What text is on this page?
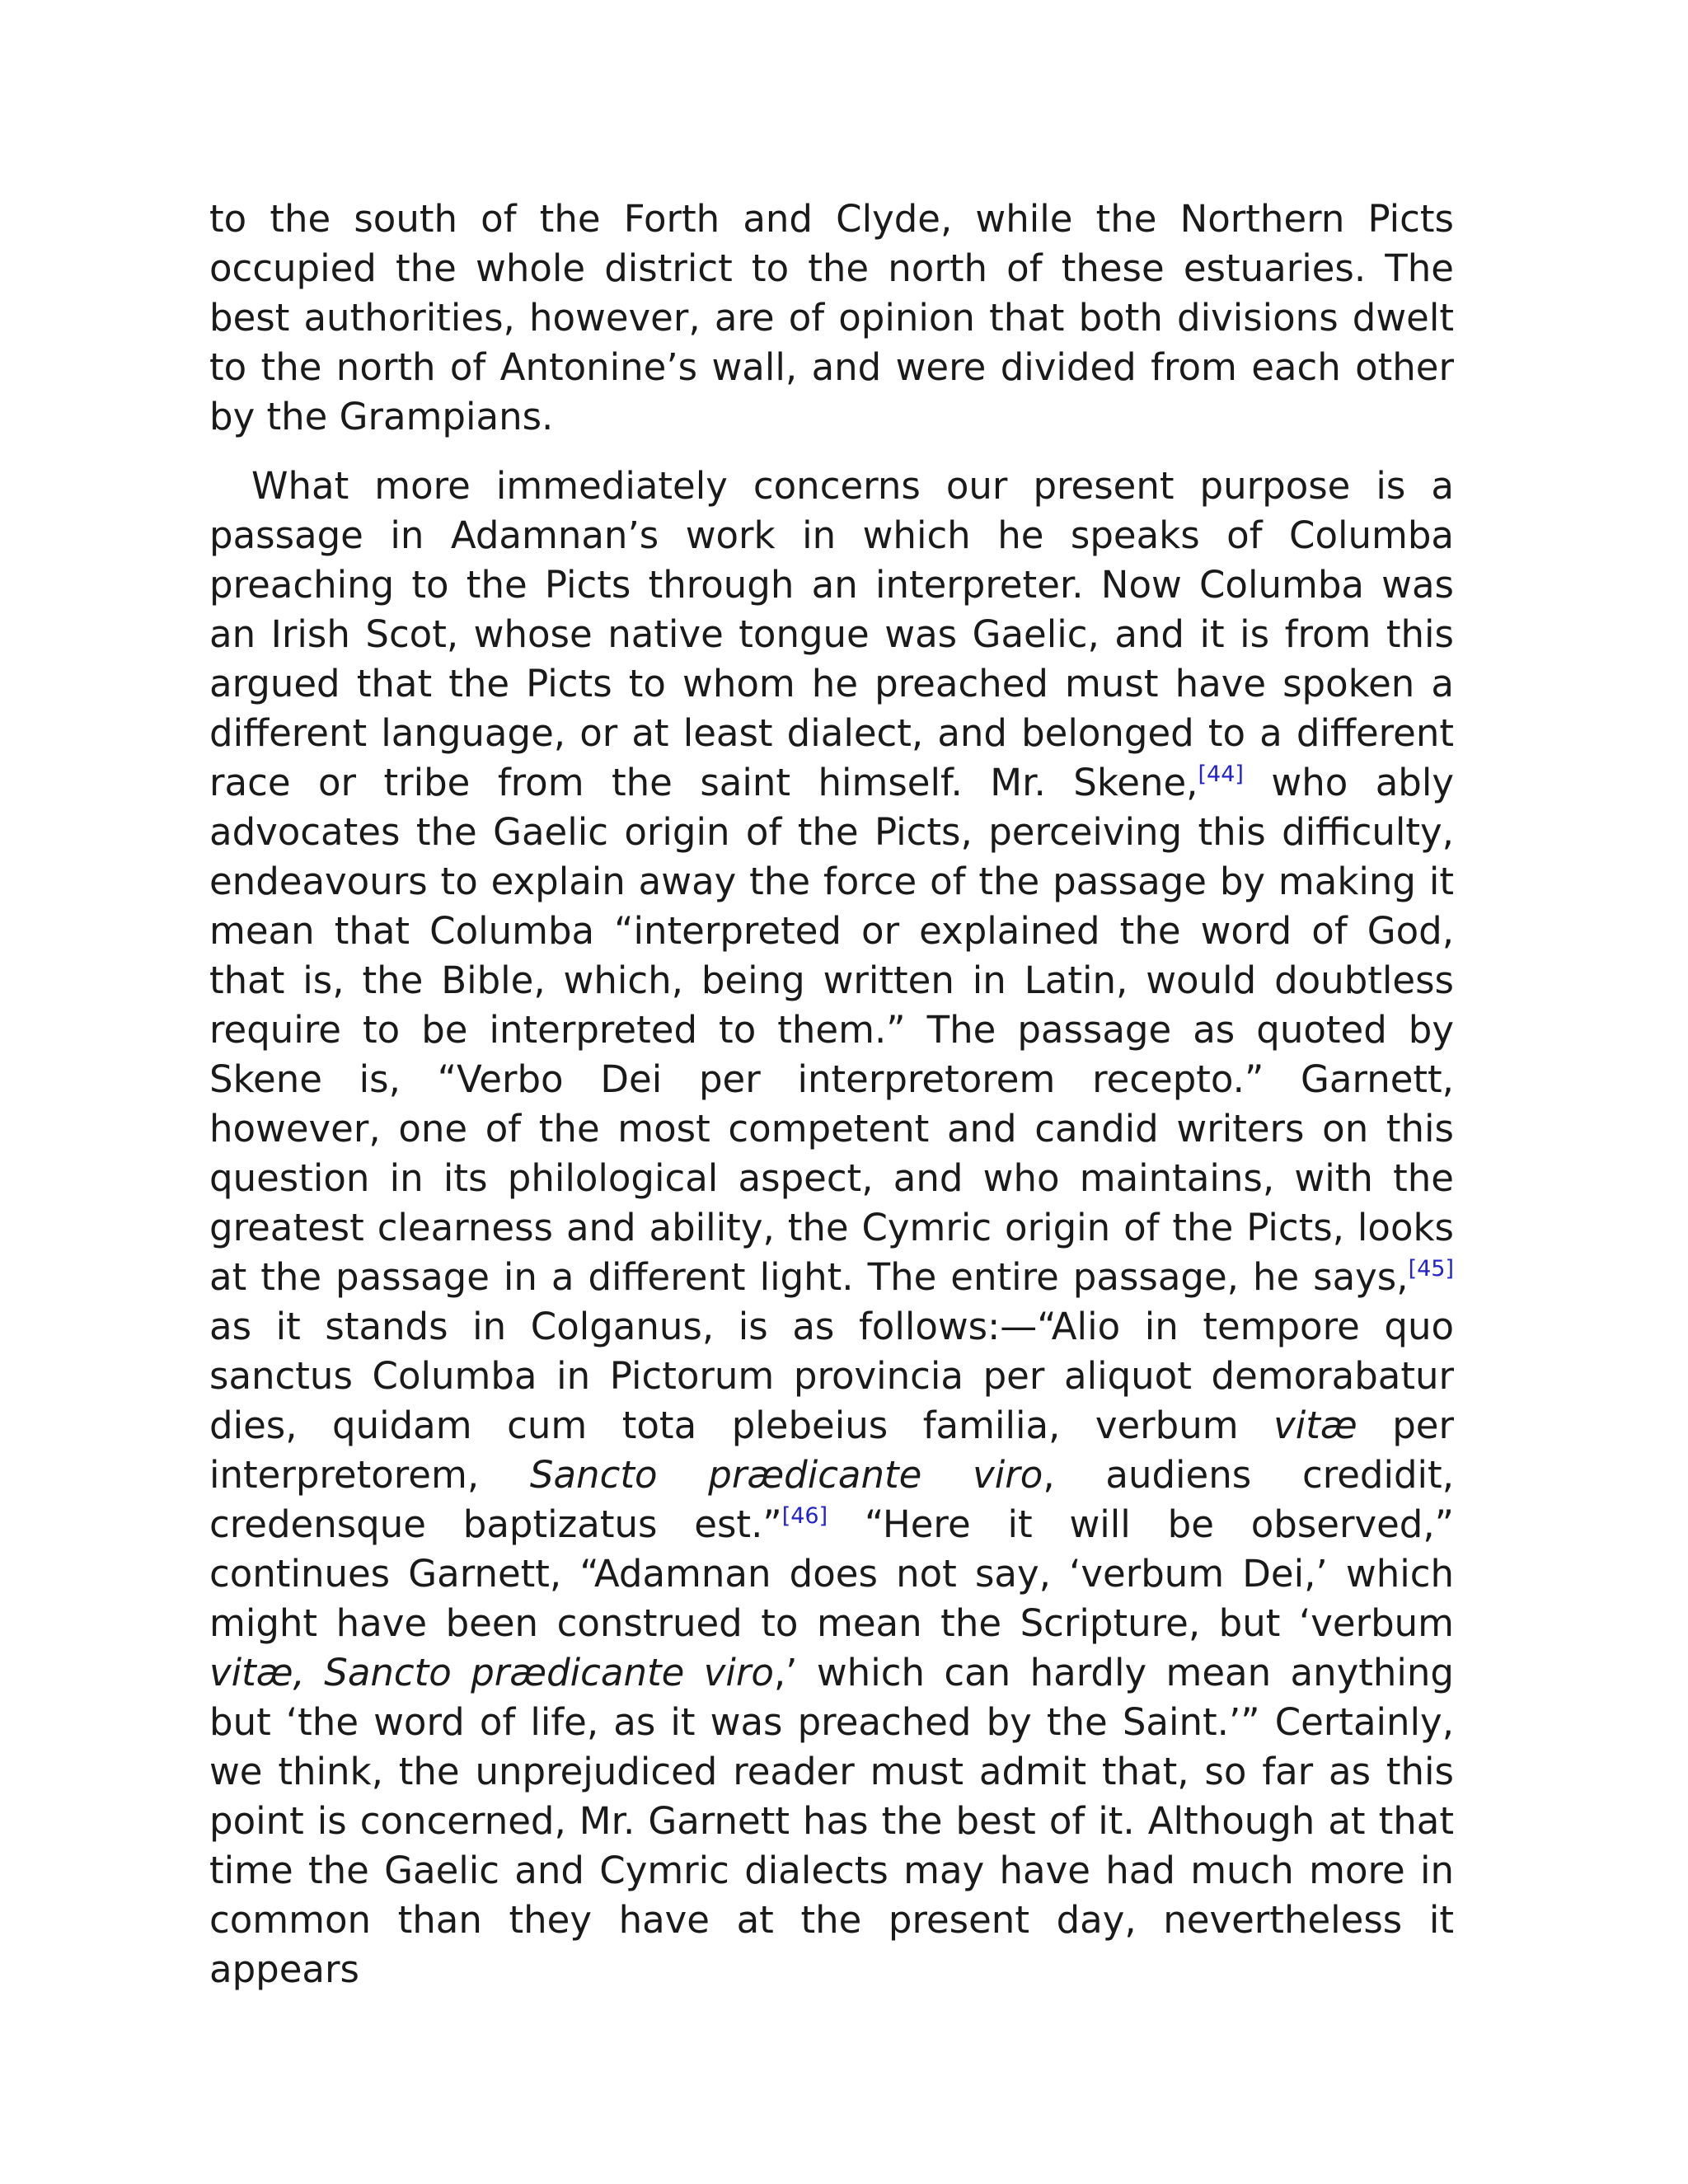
to the south of the Forth and Clyde, while the Northern Picts occupied the whole district to the north of these estuaries. The best authorities, however, are of opinion that both divisions dwelt to the north of Antonine’s wall, and were divided from each other by the Grampians.

What more immediately concerns our present purpose is a passage in Adamnan’s work in which he speaks of Columba preaching to the Picts through an interpreter. Now Columba was an Irish Scot, whose native tongue was Gaelic, and it is from this argued that the Picts to whom he preached must have spoken a different language, or at least dialect, and belonged to a different race or tribe from the saint himself. Mr. Skene,[44] who ably advocates the Gaelic origin of the Picts, perceiving this difficulty, endeavours to explain away the force of the passage by making it mean that Columba “interpreted or explained the word of God, that is, the Bible, which, being written in Latin, would doubtless require to be interpreted to them.” The passage as quoted by Skene is, “Verbo Dei per interpretorem recepto.” Garnett, however, one of the most competent and candid writers on this question in its philological aspect, and who maintains, with the greatest clearness and ability, the Cymric origin of the Picts, looks at the passage in a different light. The entire passage, he says,[45] as it stands in Colganus, is as follows:—“Alio in tempore quo sanctus Columba in Pictorum provincia per aliquot demorabatur dies, quidam cum tota plebeius familia, verbum vitæ per interpretorem, Sancto prædicante viro, audiens credidit, credensque baptizatus est.”[46] “Here it will be observed,” continues Garnett, “Adamnan does not say, ‘verbum Dei,’ which might have been construed to mean the Scripture, but ‘verbum vitæ, Sancto prædicante viro,’ which can hardly mean anything but ‘the word of life, as it was preached by the Saint.’” Certainly, we think, the unprejudiced reader must admit that, so far as this point is concerned, Mr. Garnett has the best of it. Although at that time the Gaelic and Cymric dialects may have had much more in common than they have at the present day, nevertheless it appears
